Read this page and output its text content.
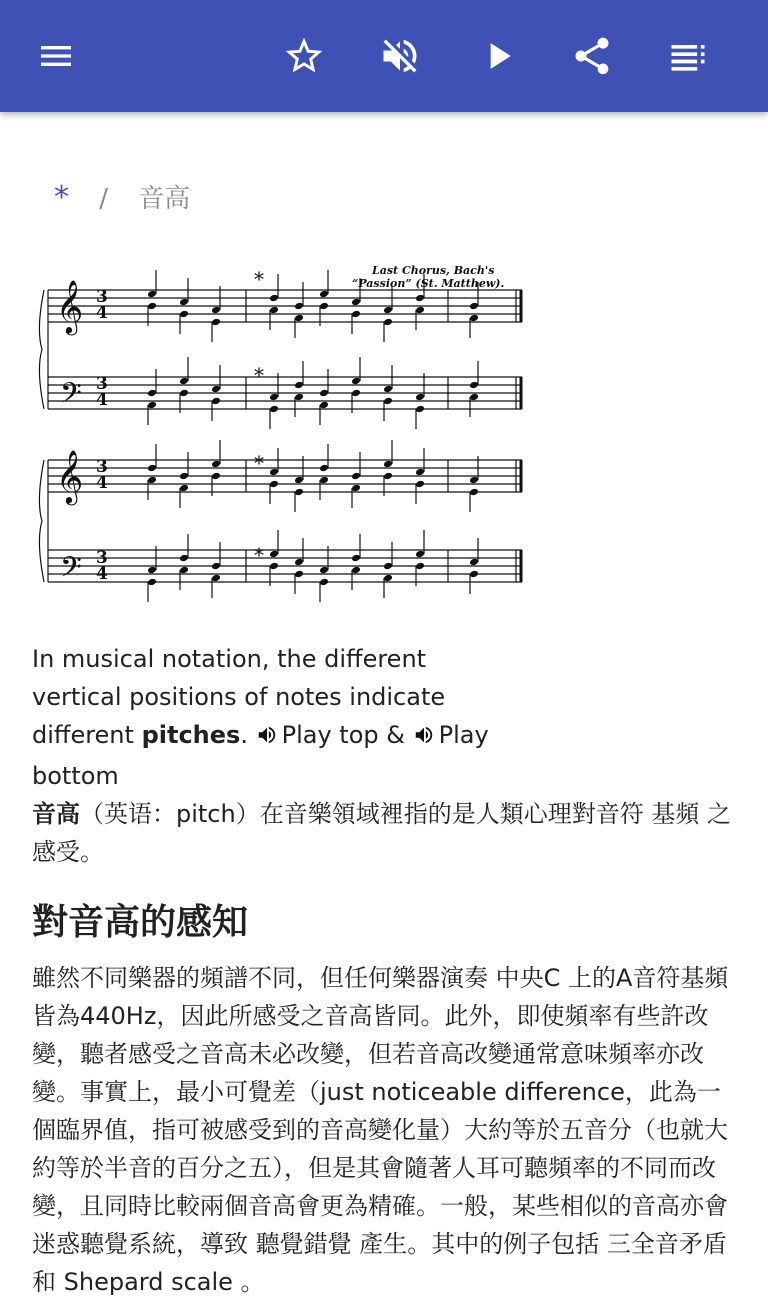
* / 音高
Last Chorus, Bach's
“Passion” (St. Matthew).
𝄞
𝄞
𝄢
𝄢
3
4
3
4
3
4
3
4
*
*
*
*
In musical notation, the different vertical positions of notes indicate different pitches. Play top & Play bottom

音高（英语：pitch）在音樂領域裡指的是人類心理對音符 基頻 之感受。

對音高的感知

雖然不同樂器的頻譜不同，但任何樂器演奏 中央C 上的A音符基頻皆為440Hz，因此所感受之音高皆同。此外，即使頻率有些許改變，聽者感受之音高未必改變，但若音高改變通常意味頻率亦改變。事實上，最小可覺差（just noticeable difference，此為一個臨界值，指可被感受到的音高變化量）大約等於五音分（也就大約等於半音的百分之五），但是其會隨著人耳可聽頻率的不同而改變，且同時比較兩個音高會更為精確。一般，某些相似的音高亦會迷惑聽覺系統，導致 聽覺錯覺 產生。其中的例子包括 三全音矛盾 和 Shepard scale 。
